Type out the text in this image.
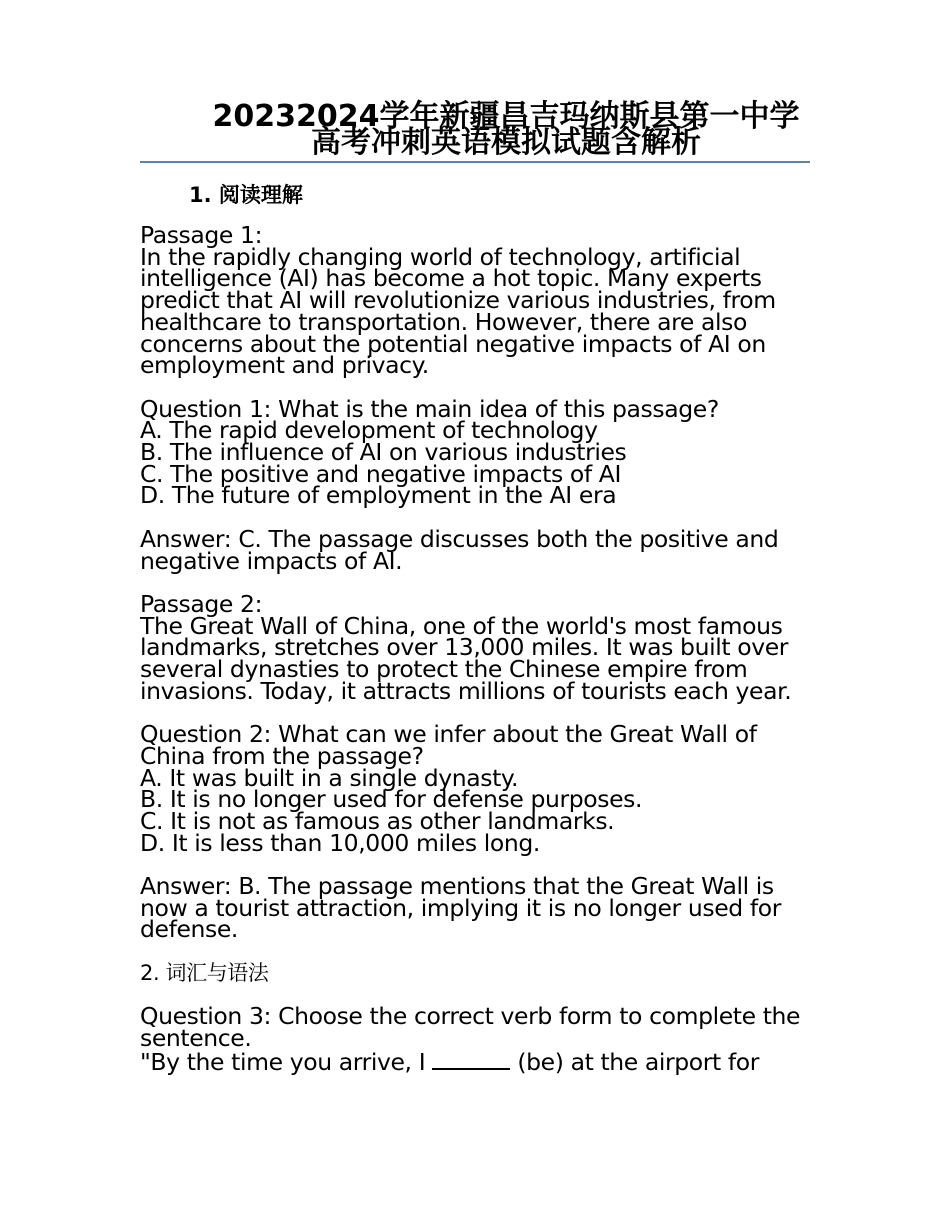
20232024学年新疆昌吉玛纳斯县第一中学高考冲刺英语模拟试题含解析
1. 阅读理解

Passage 1:
In the rapidly changing world of technology, artificial intelligence (AI) has become a hot topic. Many experts predict that AI will revolutionize various industries, from healthcare to transportation. However, there are also concerns about the potential negative impacts of AI on employment and privacy.

Question 1: What is the main idea of this passage?
A. The rapid development of technology
B. The influence of AI on various industries
C. The positive and negative impacts of AI
D. The future of employment in the AI era

Answer: C. The passage discusses both the positive and negative impacts of AI.

Passage 2:
The Great Wall of China, one of the world's most famous landmarks, stretches over 13,000 miles. It was built over several dynasties to protect the Chinese empire from invasions. Today, it attracts millions of tourists each year.

Question 2: What can we infer about the Great Wall of China from the passage?
A. It was built in a single dynasty.
B. It is no longer used for defense purposes.
C. It is not as famous as other landmarks.
D. It is less than 10,000 miles long.

Answer: B. The passage mentions that the Great Wall is now a tourist attraction, implying it is no longer used for defense.

2. 词汇与语法

Question 3: Choose the correct verb form to complete the sentence.
"By the time you arrive, I	(be) at the airport for
